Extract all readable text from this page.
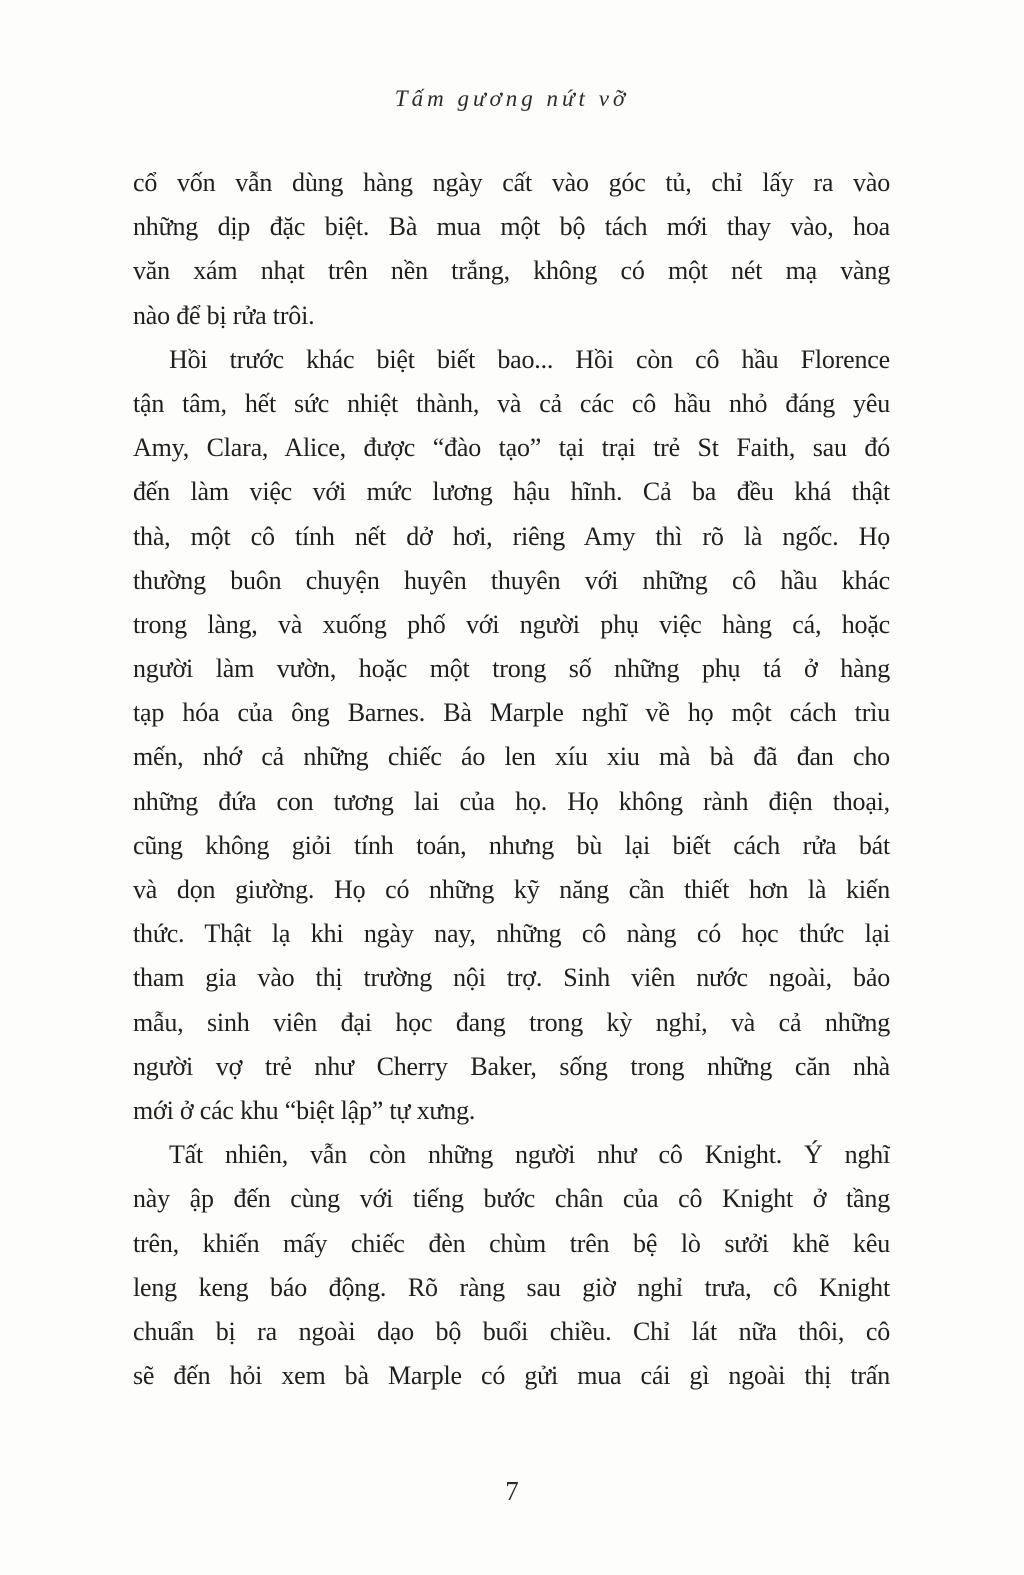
Tấm gương nứt vỡ
cổ vốn vẫn dùng hàng ngày cất vào góc tủ, chỉ lấy ra vào
những dịp đặc biệt. Bà mua một bộ tách mới thay vào, hoa
văn xám nhạt trên nền trắng, không có một nét mạ vàng
nào để bị rửa trôi.
Hồi trước khác biệt biết bao... Hồi còn cô hầu Florence
tận tâm, hết sức nhiệt thành, và cả các cô hầu nhỏ đáng yêu
Amy, Clara, Alice, được “đào tạo” tại trại trẻ St Faith, sau đó
đến làm việc với mức lương hậu hĩnh. Cả ba đều khá thật
thà, một cô tính nết dở hơi, riêng Amy thì rõ là ngốc. Họ
thường buôn chuyện huyên thuyên với những cô hầu khác
trong làng, và xuống phố với người phụ việc hàng cá, hoặc
người làm vườn, hoặc một trong số những phụ tá ở hàng
tạp hóa của ông Barnes. Bà Marple nghĩ về họ một cách trìu
mến, nhớ cả những chiếc áo len xíu xiu mà bà đã đan cho
những đứa con tương lai của họ. Họ không rành điện thoại,
cũng không giỏi tính toán, nhưng bù lại biết cách rửa bát
và dọn giường. Họ có những kỹ năng cần thiết hơn là kiến
thức. Thật lạ khi ngày nay, những cô nàng có học thức lại
tham gia vào thị trường nội trợ. Sinh viên nước ngoài, bảo
mẫu, sinh viên đại học đang trong kỳ nghỉ, và cả những
người vợ trẻ như Cherry Baker, sống trong những căn nhà
mới ở các khu “biệt lập” tự xưng.
Tất nhiên, vẫn còn những người như cô Knight. Ý nghĩ
này ập đến cùng với tiếng bước chân của cô Knight ở tầng
trên, khiến mấy chiếc đèn chùm trên bệ lò sưởi khẽ kêu
leng keng báo động. Rõ ràng sau giờ nghỉ trưa, cô Knight
chuẩn bị ra ngoài dạo bộ buổi chiều. Chỉ lát nữa thôi, cô
sẽ đến hỏi xem bà Marple có gửi mua cái gì ngoài thị trấn
7
